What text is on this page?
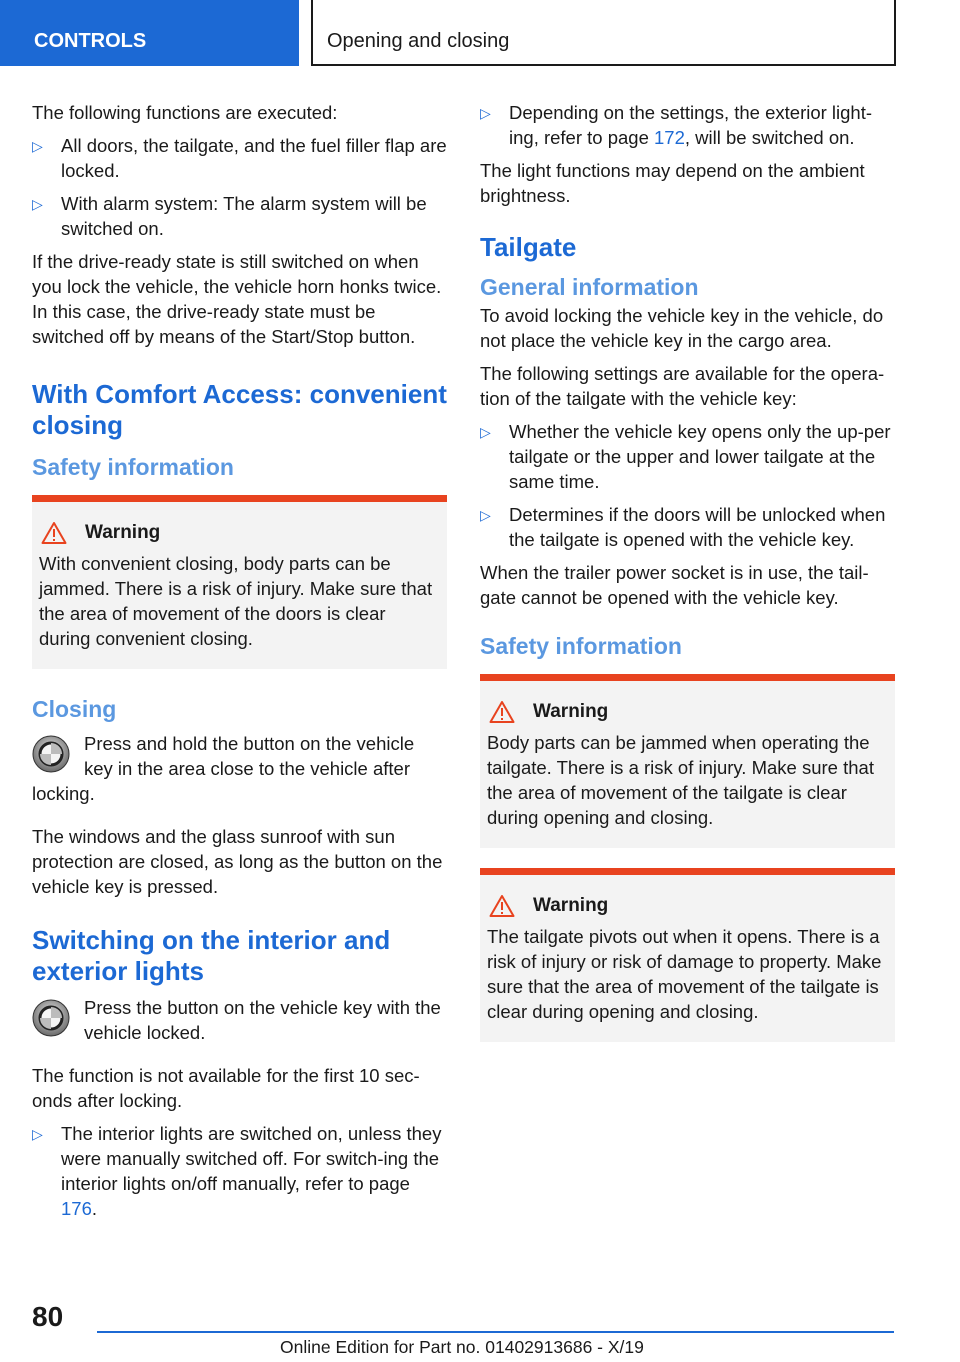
CONTROLS	Opening and closing

The following functions are executed:

▷ All doors, the tailgate, and the fuel filler flap are locked.
▷ With alarm system: The alarm system will be switched on.

If the drive-ready state is still switched on when you lock the vehicle, the vehicle horn honks twice. In this case, the drive-ready state must be switched off by means of the Start/Stop button.

With Comfort Access: convenient closing
Safety information
Warning

With convenient closing, body parts can be jammed. There is a risk of injury. Make sure that the area of movement of the doors is clear during convenient closing.

Closing
Press and hold the button on the vehicle key in the area close to the vehicle after locking.

The windows and the glass sunroof with sun protection are closed, as long as the button on the vehicle key is pressed.

Switching on the interior and exterior lights
Press the button on the vehicle key with the vehicle locked.

The function is not available for the first 10 sec‐onds after locking.

▷ The interior lights are switched on, unless they were manually switched off. For switch‐ing the interior lights on/off manually, refer to page 176.
▷ Depending on the settings, the exterior light‐ing, refer to page 172, will be switched on.

The light functions may depend on the ambient brightness.

Tailgate
General information

To avoid locking the vehicle key in the vehicle, do not place the vehicle key in the cargo area.

The following settings are available for the opera‐tion of the tailgate with the vehicle key:

▷ Whether the vehicle key opens only the up‐per tailgate or the upper and lower tailgate at the same time.
▷ Determines if the doors will be unlocked when the tailgate is opened with the vehicle key.

When the trailer power socket is in use, the tail‐gate cannot be opened with the vehicle key.

Safety information
Warning

Body parts can be jammed when operating the tailgate. There is a risk of injury. Make sure that the area of movement of the tailgate is clear during opening and closing.

Warning

The tailgate pivots out when it opens. There is a risk of injury or risk of damage to property. Make sure that the area of movement of the tailgate is clear during opening and closing.

80
Online Edition for Part no. 01402913686 - X/19
